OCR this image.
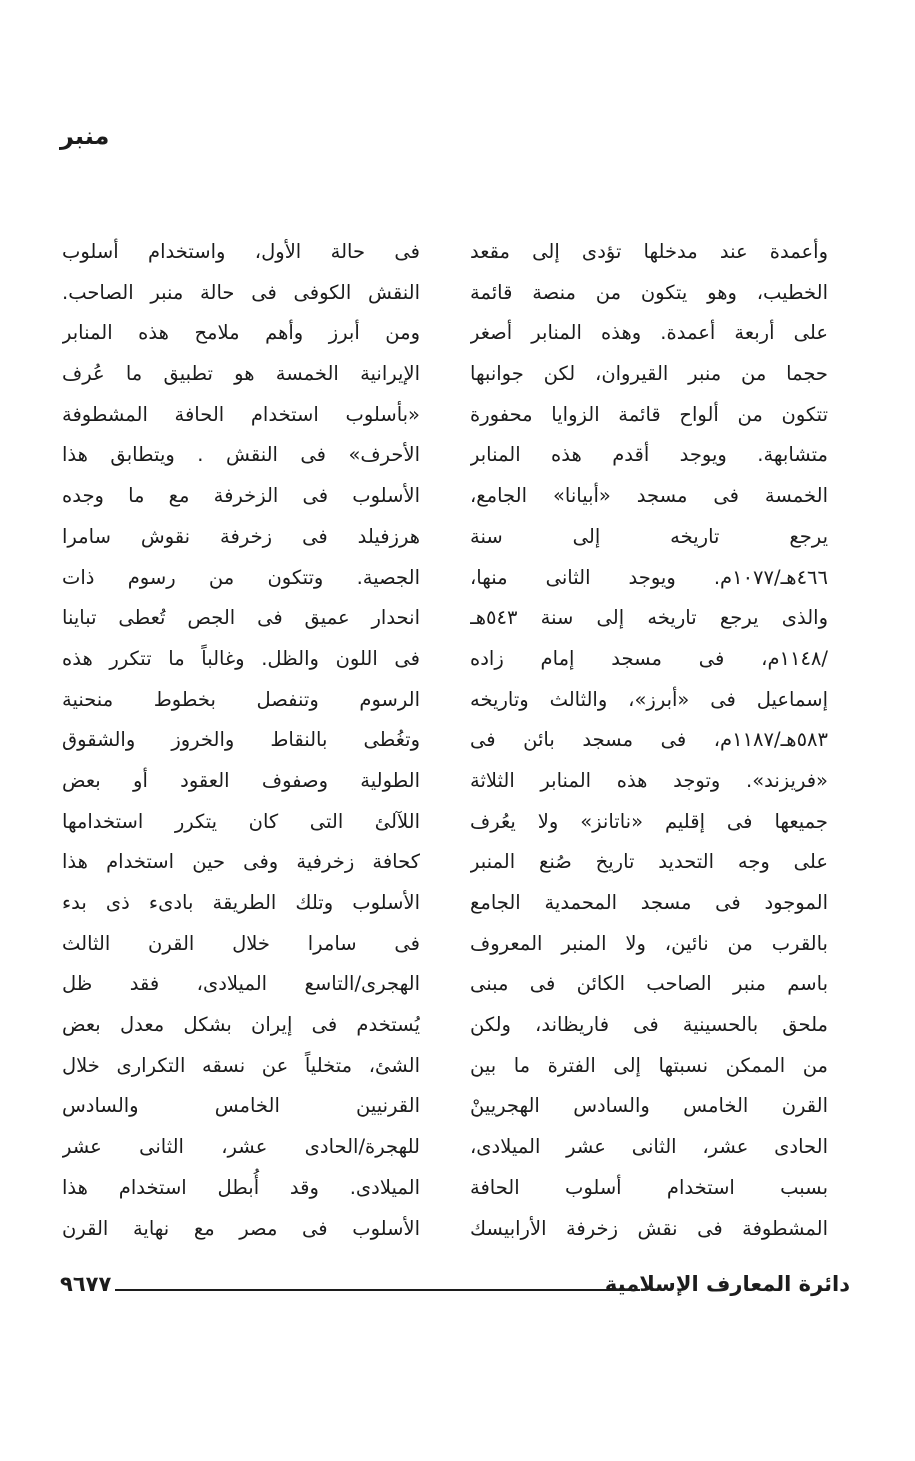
منبر
وأعمدة عند مدخلها تؤدى إلى مقعد
الخطيب، وهو يتكون من منصة قائمة
على أربعة أعمدة. وهذه المنابر أصغر
حجما من منبر القيروان، لكن جوانبها
تتكون من ألواح قائمة الزوايا محفورة
متشابهة. ويوجد أقدم هذه المنابر
الخمسة فى مسجد «أبيانا» الجامع،
يرجع تاريخه إلى سنة
٤٦٦هـ/١٠٧٧م. ويوجد الثانى منها،
والذى يرجع تاريخه إلى سنة ٥٤٣هـ
/١١٤٨م، فى مسجد إمام زاده
إسماعيل فى «أبرز»، والثالث وتاريخه
٥٨٣هـ/١١٨٧م، فى مسجد بائن فى
«فريزند». وتوجد هذه المنابر الثلاثة
جميعها فى إقليم «ناتانز» ولا يعُرف
على وجه التحديد تاريخ صُنع المنبر
الموجود فى مسجد المحمدية الجامع
بالقرب من نائين، ولا المنبر المعروف
باسم منبر الصاحب الكائن فى مبنى
ملحق بالحسينية فى فاريظاند، ولكن
من الممكن نسبتها إلى الفترة ما بين
القرن الخامس والسادس الهجريينْ
الحادى عشر، الثانى عشر الميلادى،
بسبب استخدام أسلوب الحافة
المشطوفة فى نقش زخرفة الأرابيسك
فى حالة الأول، واستخدام أسلوب
النقش الكوفى فى حالة منبر الصاحب.
ومن أبرز وأهم ملامح هذه المنابر
الإيرانية الخمسة هو تطبيق ما عُرف
«بأسلوب استخدام الحافة المشطوفة
الأحرف» فى النقش . ويتطابق هذا
الأسلوب فى الزخرفة مع ما وجده
هرزفيلد فى زخرفة نقوش سامرا
الجصية. وتتكون من رسوم ذات
انحدار عميق فى الجص تُعطى تباينا
فى اللون والظل. وغالباً ما تتكرر هذه
الرسوم وتنفصل بخطوط منحنية
وتغُطى بالنقاط والخروز والشقوق
الطولية وصفوف العقود أو بعض
اللآلئ التى كان يتكرر استخدامها
كحافة زخرفية وفى حين استخدام هذا
الأسلوب وتلك الطريقة بادىء ذى بدء
فى سامرا خلال القرن الثالث
الهجرى/التاسع الميلادى، فقد ظل
يُستخدم فى إيران بشكل معدل بعض
الشئ، متخلياً عن نسقه التكرارى خلال
القرنيين الخامس والسادس
للهجرة/الحادى عشر، الثانى عشر
الميلادى. وقد أُبطل استخدام هذا
الأسلوب فى مصر مع نهاية القرن
دائرة المعارف الإسلامية
٩٦٧٧
